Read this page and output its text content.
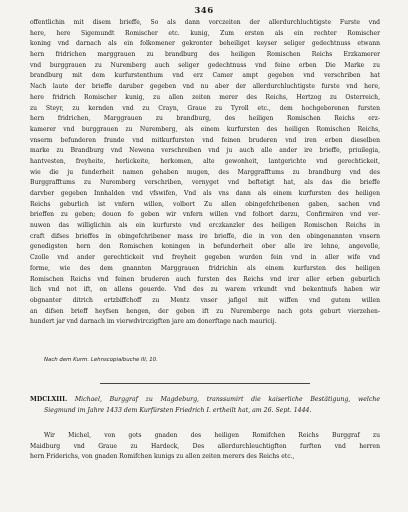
346
offentlichin mit disem brieffe, So als dann vorczeiten der allerdurchluchtigste Furste vnd
here, here Sigemundt Romischer etc. kunig, Zum ersten als ein rechter Romischer
koning vnd darnach als ein folkomener gekronter beheiliget keyser seliger gedechtnuss etwann
hern fridrichen marggrauen zu brandburg des heiligen Romischen Reichs Erzkamerer
vnd burggrauen zu Nuremberg auch seliger gedechtnuss vnd feine erben Die Marke zu
brandburg mit dem kurfurstenthum vnd erz Camer ampt gegeben vnd verschriben hat
Nach laute der brieffe daruber gegeben vnd nu aber der allerdurchluchtigste furste vnd here,
here fridrich Romischer kunig, zu allen zeiten merer des Reichs, Hertzog zu Osterreich,
zu Steyr, zu kernden vnd zu Crayn, Graue zu Tyroll etc., dem hochgeborenen fursten
hern fridrichen, Marggrauen zu brandburg, des heiligen Romischen Reichs erz-
kamerer vnd burggrauen zu Nuremberg, als einem kurfursten des heiligen Romischen Reichs,
vnserm befunderen frunde vnd mitkurfursten vnd feinen bruderen vnd iren erben dieselben
marke zu Brandburg vnd Newena verschreiben vnd ju auch alle ander ire brieffe, priuilegia,
hantvesten, freyheite, herlickeite, herkomen, alte gewonheit, lantgerichte vnd gerechtickeit,
wie die ju funderheit namen gehaben mugen, des Marggrafftums zu brandburg vnd des
Burggrafftums zu Nuremberg verschriben, vernyget vnd beftetigt hat, als das die brieffe
darvber gegeben Innhalden vnd vfswifen, Vnd als vns dann als einem kurfursten des heiligen
Reichs geburlich ist vnfern willen, volbort Zu allen obingefchribenen gaben, sachen vnd
brieffen zu geben; douon fo geben wir vnfern willen vnd folbort darzu, Confirmiren vnd ver-
nuwen das williglichin als ein kurfurste vnd erczkanzler des heiligen Romischen Reichs in
craft difses brieffes in obingefchribener mass ire brieffe, die in von den obingenannten vnsern
genedigsten hern den Romischen koningen in befunderheit ober alle ire lehne, angevelle,
Czolle vnd ander gerechtickeit vnd freyheit gegeben wurden fein vnd in aller wife vnd
forme, wie des dem gnannten Marggrauen fridrichin als einem kurfursten des heiligen
Romischen Reichs vnd feinen bruderen auch fursten des Reichs vnd irer aller erben geburlich
lich vnd not ift, on allens geuerde. Vnd des zu warem vrkundt vnd bekentnufs haben wir
obgnanter ditrich ertzbiffchoff zu Mentz vnser jafigel mit wiffen vnd gutem willen
an difsen brieff heyfsen hengen, der geben ift zu Nuremberge nach gots geburt vierzehen-
hundert jar vnd darnach im vierwdvirczigften jare am donerftage nach mauricij.
Nach dem Kurm. Lehnscopialbuche III, 10.
MDCLXIII. Michael, Burggraf zu Magdeburg, transsumirt die kaiserliche Bestätigung, welche
Siegmund im Jahre 1433 dem Kurfürsten Friedrich I. ertheilt hat, am 26. Sept. 1444.
Wir Michel, von gots gnaden des heiligen Romifchen Reichs Burggraf zu
Maidburg vnd Graue zu Hardeck, Des allerdurchleuchtigften furften vnd herren
hern Friderichs, von gnaden Romifchen kunigs zu allen zeiten merers des Reichs etc.,
